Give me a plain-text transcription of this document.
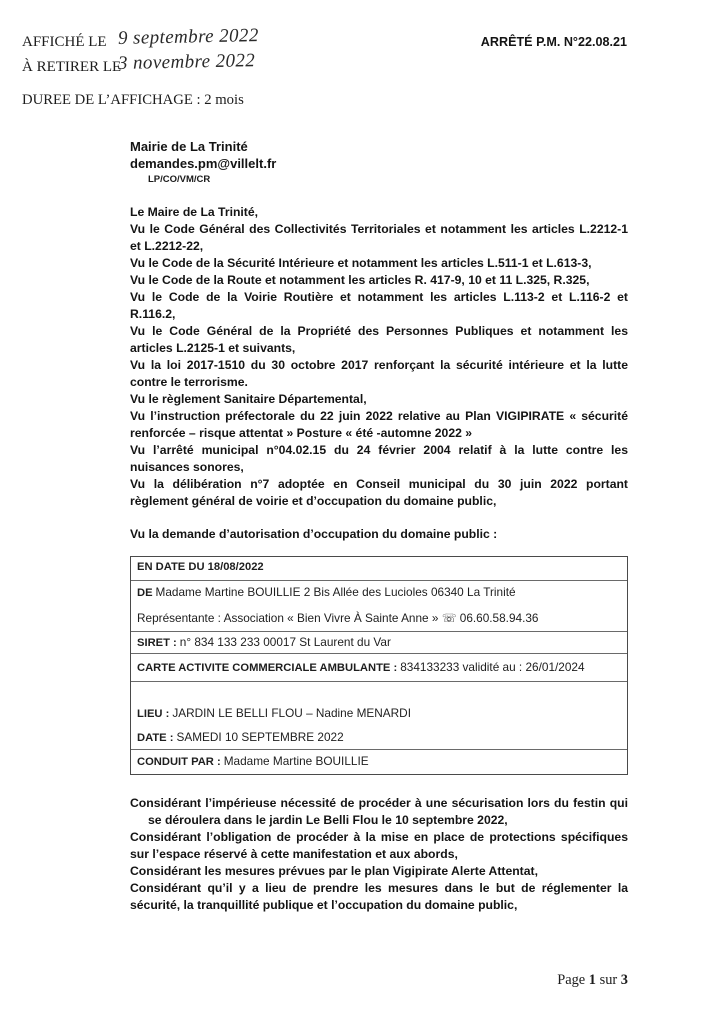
AFFICHÉ LE 9 septembre 2022
À RETIRER LE
3 novembre 2022
DUREE DE L’AFFICHAGE : 2 mois
ARRÊTÉ P.M. N°22.08.21
Mairie de La Trinité
demandes.pm@villelt.fr
LP/CO/VM/CR
Le Maire de La Trinité,
Vu le Code Général des Collectivités Territoriales et notamment les articles L.2212-1
et L.2212-22,
Vu le Code de la Sécurité Intérieure et notamment les articles L.511-1 et L.613-3,
Vu le Code de la Route et notamment les articles R. 417-9, 10 et 11 L.325, R.325,
Vu le Code de la Voirie Routière et notamment les articles L.113-2 et L.116-2 et
R.116.2,
Vu le Code Général de la Propriété des Personnes Publiques et notamment les
articles L.2125-1 et suivants,
Vu la loi 2017-1510 du 30 octobre 2017 renforçant la sécurité intérieure et la lutte
contre le terrorisme.
Vu le règlement Sanitaire Départemental,
Vu l’instruction préfectorale du 22 juin 2022 relative au Plan VIGIPIRATE « sécurité
renforcée – risque attentat » Posture « été -automne 2022 »
Vu l’arrêté municipal n°04.02.15 du 24 février 2004 relatif à la lutte contre les
nuisances sonores,
Vu la délibération n°7 adoptée en Conseil municipal du 30 juin 2022 portant
règlement général de voirie et d’occupation du domaine public,
Vu la demande d’autorisation d’occupation du domaine public :
EN DATE DU 18/08/2022
DE Madame Martine BOUILLIE 2 Bis Allée des Lucioles 06340 La Trinité
Représentante : Association « Bien Vivre À Sainte Anne » ☏ 06.60.58.94.36
SIRET : n° 834 133 233 00017 St Laurent du Var
CARTE ACTIVITE COMMERCIALE AMBULANTE : 834133233 validité au : 26/01/2024
LIEU : JARDIN LE BELLI FLOU – Nadine MENARDI
DATE : SAMEDI 10 SEPTEMBRE 2022
CONDUIT PAR : Madame Martine BOUILLIE
Considérant l’impérieuse nécessité de procéder à une sécurisation lors du festin qui
se déroulera dans le jardin Le Belli Flou le 10 septembre 2022,
Considérant l’obligation de procéder à la mise en place de protections spécifiques
sur l’espace réservé à cette manifestation et aux abords,
Considérant les mesures prévues par le plan Vigipirate Alerte Attentat,
Considérant qu’il y a lieu de prendre les mesures dans le but de réglementer la
sécurité, la tranquillité publique et l’occupation du domaine public,
Page 1 sur 3
